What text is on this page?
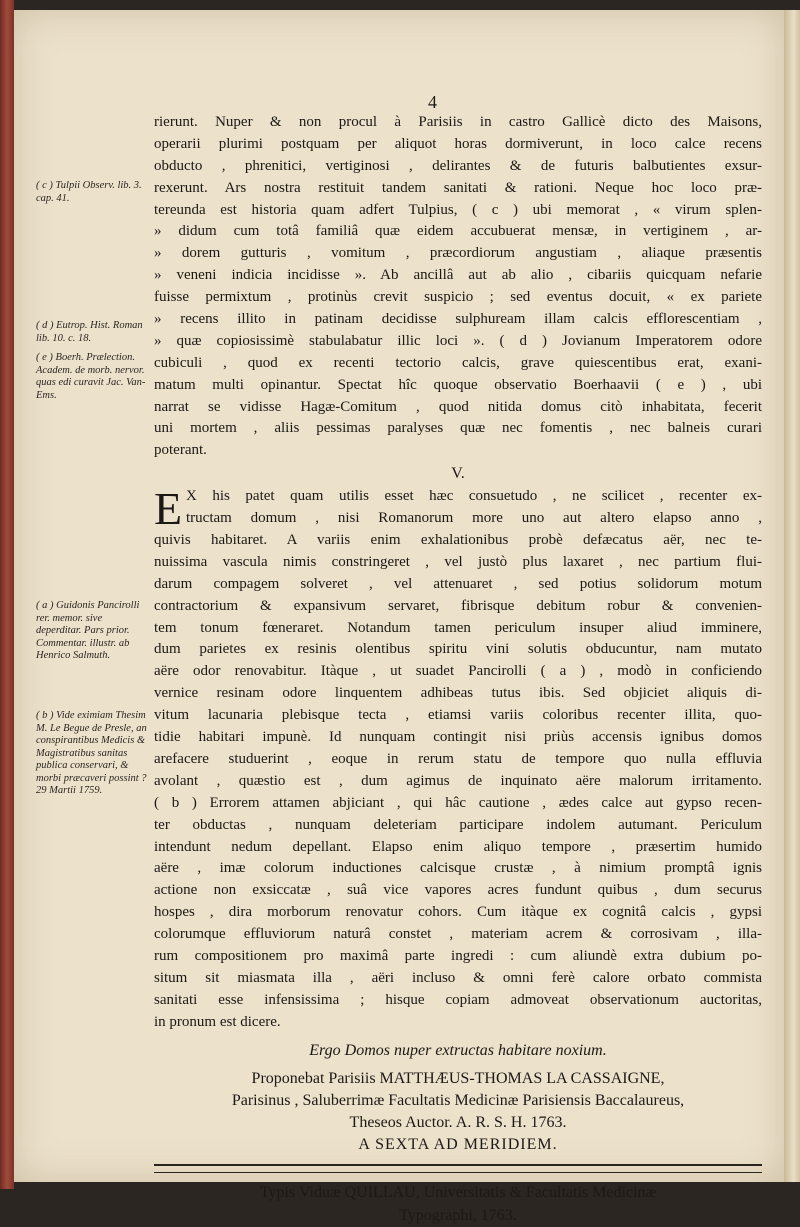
4
( c ) Tulpii Observ. lib. 3. cap. 41.
( d ) Eutrop. Hist. Roman lib. 10. c. 18.
( e ) Boerh. Prælection. Academ. de morb. nervor. quas edi curavit Jac. Van-Ems.
( a ) Guidonis Pancirolli rer. memor. sive deperditar. Pars prior. Commentar. illustr. ab Henrico Salmuth.
( b ) Vide eximiam Thesim M. Le Begue de Presle, an conspirantibus Medicis & Magistratibus sanitas publica conservari, & morbi præcaveri possint ? 29 Martii 1759.
rierunt. Nuper & non procul à Parisiis in castro Gallicè dicto des Maisons,
operarii plurimi postquam per aliquot horas dormiverunt, in loco calce recens
obducto , phrenitici, vertiginosi , delirantes & de futuris balbutientes exsur-
rexerunt. Ars nostra restituit tandem sanitati & rationi. Neque hoc loco præ-
tereunda est historia quam adfert Tulpius, ( c ) ubi memorat , « virum splen-
» didum cum totâ familiâ quæ eidem accubuerat mensæ, in vertiginem , ar-
» dorem gutturis , vomitum , præcordiorum angustiam , aliaque præsentis
» veneni indicia incidisse ». Ab ancillâ aut ab alio , cibariis quicquam nefarie
fuisse permixtum , protinùs crevit suspicio ; sed eventus docuit, « ex pariete
» recens illito in patinam decidisse sulphuream illam calcis efflorescentiam ,
» quæ copiosissimè stabulabatur illic loci ». ( d ) Jovianum Imperatorem odore
cubiculi , quod ex recenti tectorio calcis, grave quiescentibus erat, exani-
matum multi opinantur. Spectat hîc quoque observatio Boerhaavii ( e ) , ubi
narrat se vidisse Hagæ-Comitum , quod nitida domus citò inhabitata, fecerit
uni mortem , aliis pessimas paralyses quæ nec fomentis , nec balneis curari
poterant.
V.
E X his patet quam utilis esset hæc consuetudo , ne scilicet , recenter ex-
tructam domum , nisi Romanorum more uno aut altero elapso anno ,
quivis habitaret. A variis enim exhalationibus probè defæcatus aër, nec te-
nuissima vascula nimis constringeret , vel justò plus laxaret , nec partium flui-
darum compagem solveret , vel attenuaret , sed potius solidorum motum
contractorium & expansivum servaret, fibrisque debitum robur & convenien-
tem tonum fœneraret. Notandum tamen periculum insuper aliud imminere,
dum parietes ex resinis olentibus spiritu vini solutis obducuntur, nam mutato
aëre odor renovabitur. Itàque , ut suadet Pancirolli ( a ) , modò in conficiendo
vernice resinam odore linquentem adhibeas tutus ibis. Sed objiciet aliquis di-
vitum lacunaria plebisque tecta , etiamsi variis coloribus recenter illita, quo-
tidie habitari impunè. Id nunquam contingit nisi priùs accensis ignibus domos
arefacere studuerint , eoque in rerum statu de tempore quo nulla effluvia
avolant , quæstio est , dum agimus de inquinato aëre malorum irritamento.
( b ) Errorem attamen abjiciant , qui hâc cautione , ædes calce aut gypso recen-
ter obductas , nunquam deleteriam participare indolem autumant. Periculum
intendunt nedum depellant. Elapso enim aliquo tempore , præsertim humido
aëre , imæ colorum inductiones calcisque crustæ , à nimium promptâ ignis
actione non exsiccatæ , suâ vice vapores acres fundunt quibus , dum securus
hospes , dira morborum renovatur cohors. Cum itàque ex cognitâ calcis , gypsi
colorumque effluviorum naturâ constet , materiam acrem & corrosivam , illa-
rum compositionem pro maximâ parte ingredi : cum aliundè extra dubium po-
situm sit miasmata illa , aëri incluso & omni ferè calore orbato commista
sanitati esse infensissima ; hisque copiam admoveat observationum auctoritas,
in pronum est dicere.
Ergo Domos nuper extructas habitare noxium.
Proponebat Parisiis MATTHÆUS-THOMAS LA CASSAIGNE,
Parisinus , Saluberrimæ Facultatis Medicinæ Parisiensis Baccalaureus,
Theseos Auctor. A. R. S. H. 1763.
A SEXTA AD MERIDIEM.
Typis Viduæ QUILLAU, Universitatis & Facultatis Medicinæ
Typographi, 1763.
